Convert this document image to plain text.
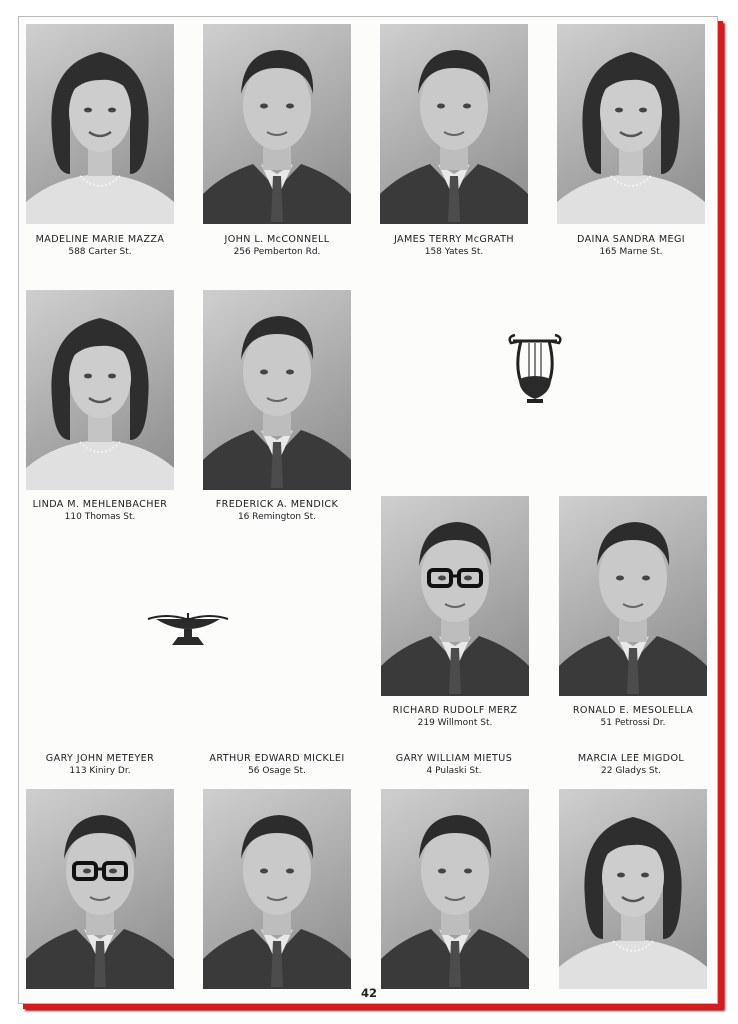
MADELINE MARIE MAZZA
588 Carter St.
JOHN L. McCONNELL
256 Pemberton Rd.
JAMES TERRY McGRATH
158 Yates St.
DAINA SANDRA MEGI
165 Marne St.
LINDA M. MEHLENBACHER
110 Thomas St.
FREDERICK A. MENDICK
16 Remington St.
RICHARD RUDOLF MERZ
219 Willmont St.
RONALD E. MESOLELLA
51 Petrossi Dr.
GARY JOHN METEYER
113 Kiniry Dr.
ARTHUR EDWARD MICKLEI
56 Osage St.
GARY WILLIAM MIETUS
4 Pulaski St.
MARCIA LEE MIGDOL
22 Gladys St.
42
